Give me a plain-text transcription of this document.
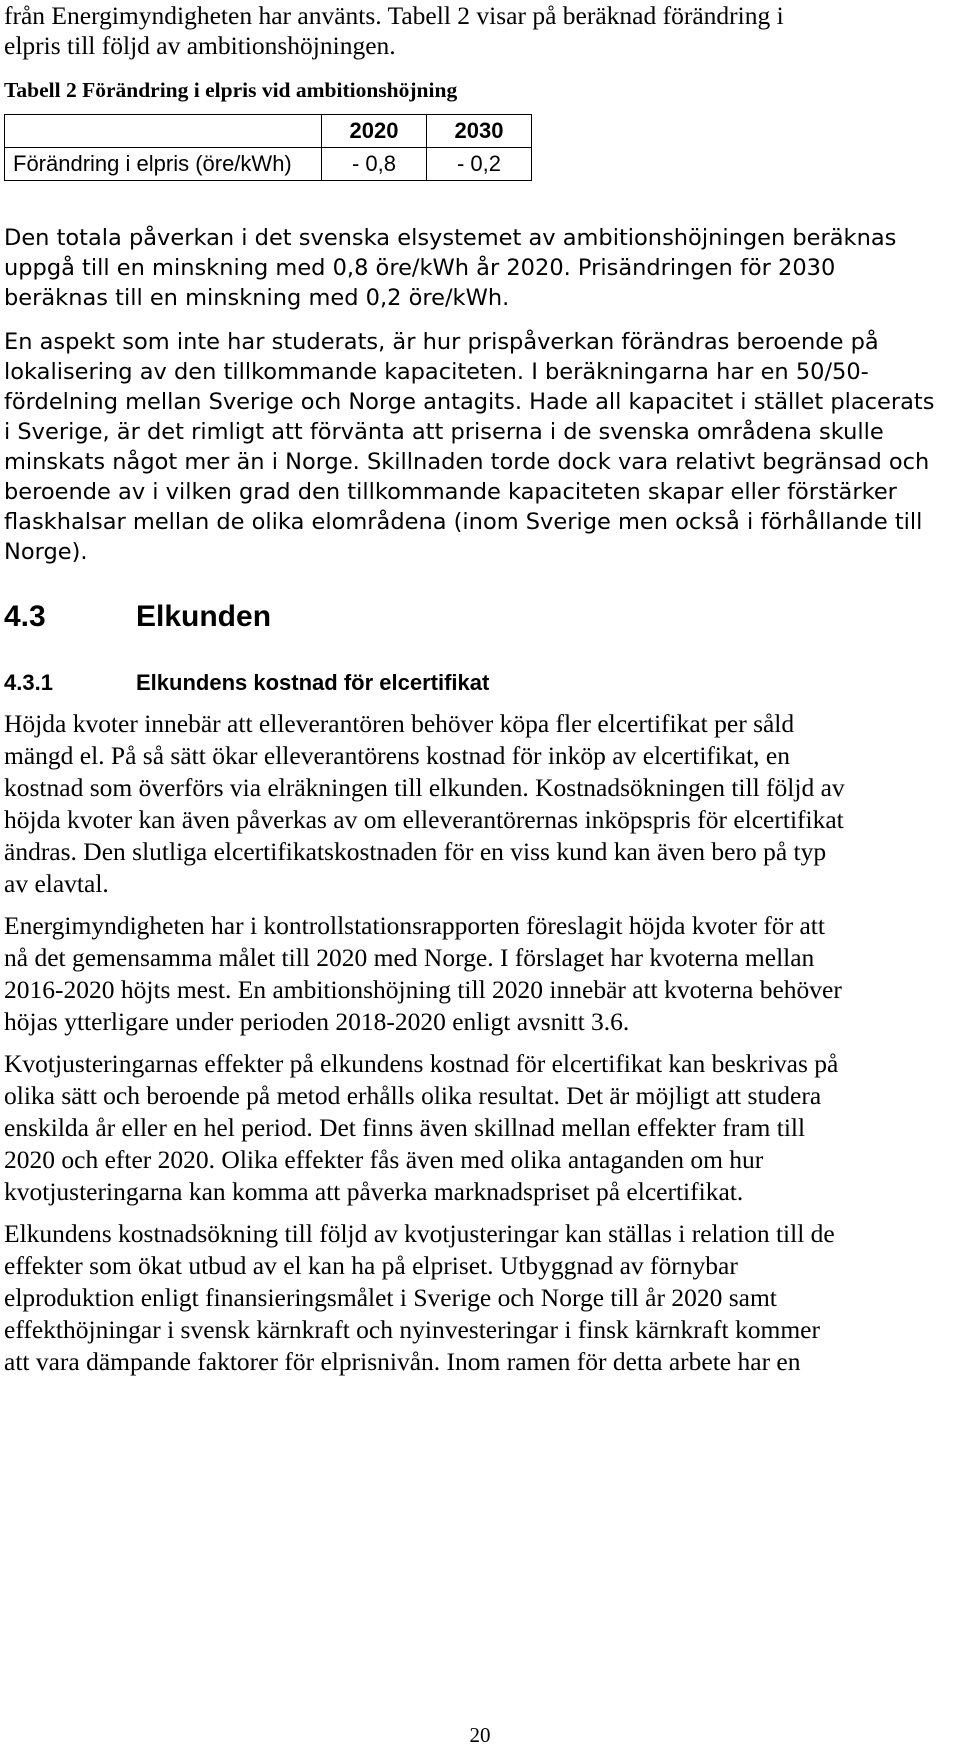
från Energimyndigheten har använts. Tabell 2 visar på beräknad förändring i
elpris till följd av ambitionshöjningen.
Tabell 2 Förändring i elpris vid ambitionshöjning
	2020	2030
Förändring i elpris (öre/kWh)	- 0,8	- 0,2
Den totala påverkan i det svenska elsystemet av ambitionshöjningen beräknas
uppgå till en minskning med 0,8 öre/kWh år 2020. Prisändringen för 2030
beräknas till en minskning med 0,2 öre/kWh.
En aspekt som inte har studerats, är hur prispåverkan förändras beroende på
lokalisering av den tillkommande kapaciteten. I beräkningarna har en 50/50-
fördelning mellan Sverige och Norge antagits. Hade all kapacitet i stället placerats
i Sverige, är det rimligt att förvänta att priserna i de svenska områdena skulle
minskats något mer än i Norge. Skillnaden torde dock vara relativt begränsad och
beroende av i vilken grad den tillkommande kapaciteten skapar eller förstärker
flaskhalsar mellan de olika elområdena (inom Sverige men också i förhållande till
Norge).
4.3	Elkunden
4.3.1	Elkundens kostnad för elcertifikat
Höjda kvoter innebär att elleverantören behöver köpa fler elcertifikat per såld
mängd el. På så sätt ökar elleverantörens kostnad för inköp av elcertifikat, en
kostnad som överförs via elräkningen till elkunden. Kostnadsökningen till följd av
höjda kvoter kan även påverkas av om elleverantörernas inköpspris för elcertifikat
ändras. Den slutliga elcertifikatskostnaden för en viss kund kan även bero på typ
av elavtal.
Energimyndigheten har i kontrollstationsrapporten föreslagit höjda kvoter för att
nå det gemensamma målet till 2020 med Norge. I förslaget har kvoterna mellan
2016-2020 höjts mest. En ambitionshöjning till 2020 innebär att kvoterna behöver
höjas ytterligare under perioden 2018-2020 enligt avsnitt 3.6.
Kvotjusteringarnas effekter på elkundens kostnad för elcertifikat kan beskrivas på
olika sätt och beroende på metod erhålls olika resultat. Det är möjligt att studera
enskilda år eller en hel period. Det finns även skillnad mellan effekter fram till
2020 och efter 2020. Olika effekter fås även med olika antaganden om hur
kvotjusteringarna kan komma att påverka marknadspriset på elcertifikat.
Elkundens kostnadsökning till följd av kvotjusteringar kan ställas i relation till de
effekter som ökat utbud av el kan ha på elpriset. Utbyggnad av förnybar
elproduktion enligt finansieringsmålet i Sverige och Norge till år 2020 samt
effekthöjningar i svensk kärnkraft och nyinvesteringar i finsk kärnkraft kommer
att vara dämpande faktorer för elprisnivån. Inom ramen för detta arbete har en
20
